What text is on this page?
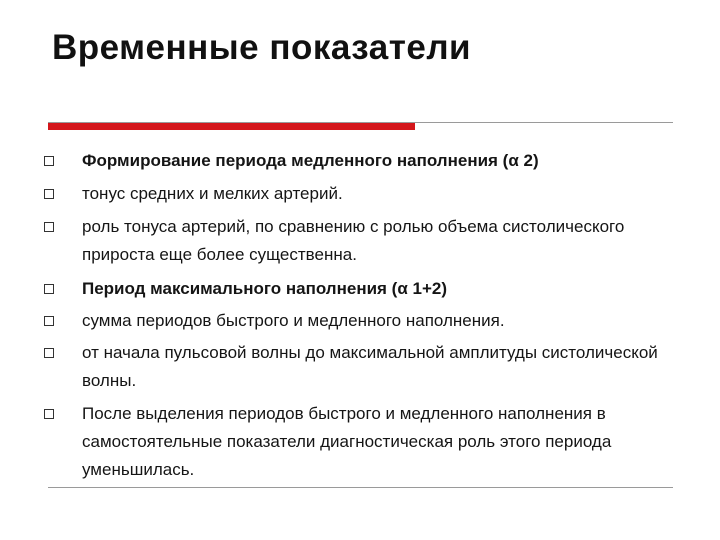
Временные показатели
Формирование периода медленного наполнения (α 2)
тонус средних и мелких артерий.
роль тонуса артерий, по сравнению с ролью объема систолического прироста еще более существенна.
Период максимального наполнения (α 1+2)
сумма периодов быстрого и медленного наполнения.
от начала пульсовой волны до максимальной амплитуды систолической волны.
После выделения периодов быстрого и медленного наполнения в самостоятельные показатели диагностическая роль этого периода уменьшилась.
